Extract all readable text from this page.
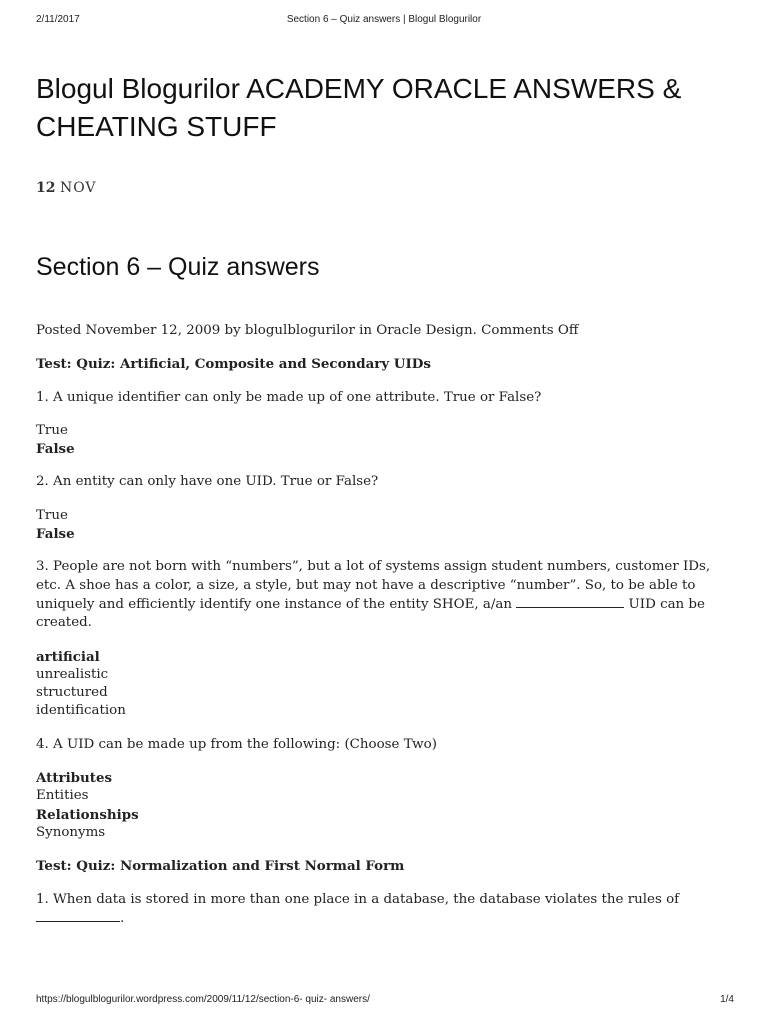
2/11/2017	Section 6 – Quiz answers | Blogul Blogurilor
Blogul Blogurilor ACADEMY ORACLE ANSWERS & CHEATING STUFF
12 NOV
Section 6 – Quiz answers

Posted November 12, 2009 by blogulblogurilor in Oracle Design. Comments Off

Test: Quiz: Artificial, Composite and Secondary UIDs

1. A unique identifier can only be made up of one attribute. True or False?

True
False

2. An entity can only have one UID. True or False?

True
False

3. People are not born with “numbers”, but a lot of systems assign student numbers, customer IDs, etc. A shoe has a color, a size, a style, but may not have a descriptive “number”. So, to be able to uniquely and efficiently identify one instance of the entity SHOE, a/an	UID can be created.

artificial
unrealistic
structured
identification

4. A UID can be made up from the following: (Choose Two)

Attributes
Entities
Relationships
Synonyms

Test: Quiz: Normalization and First Normal Form

1. When data is stored in more than one place in a database, the database violates the rules of .

https://blogulblogurilor.wordpress.com/2009/11/12/section-6- quiz- answers/	1/4
